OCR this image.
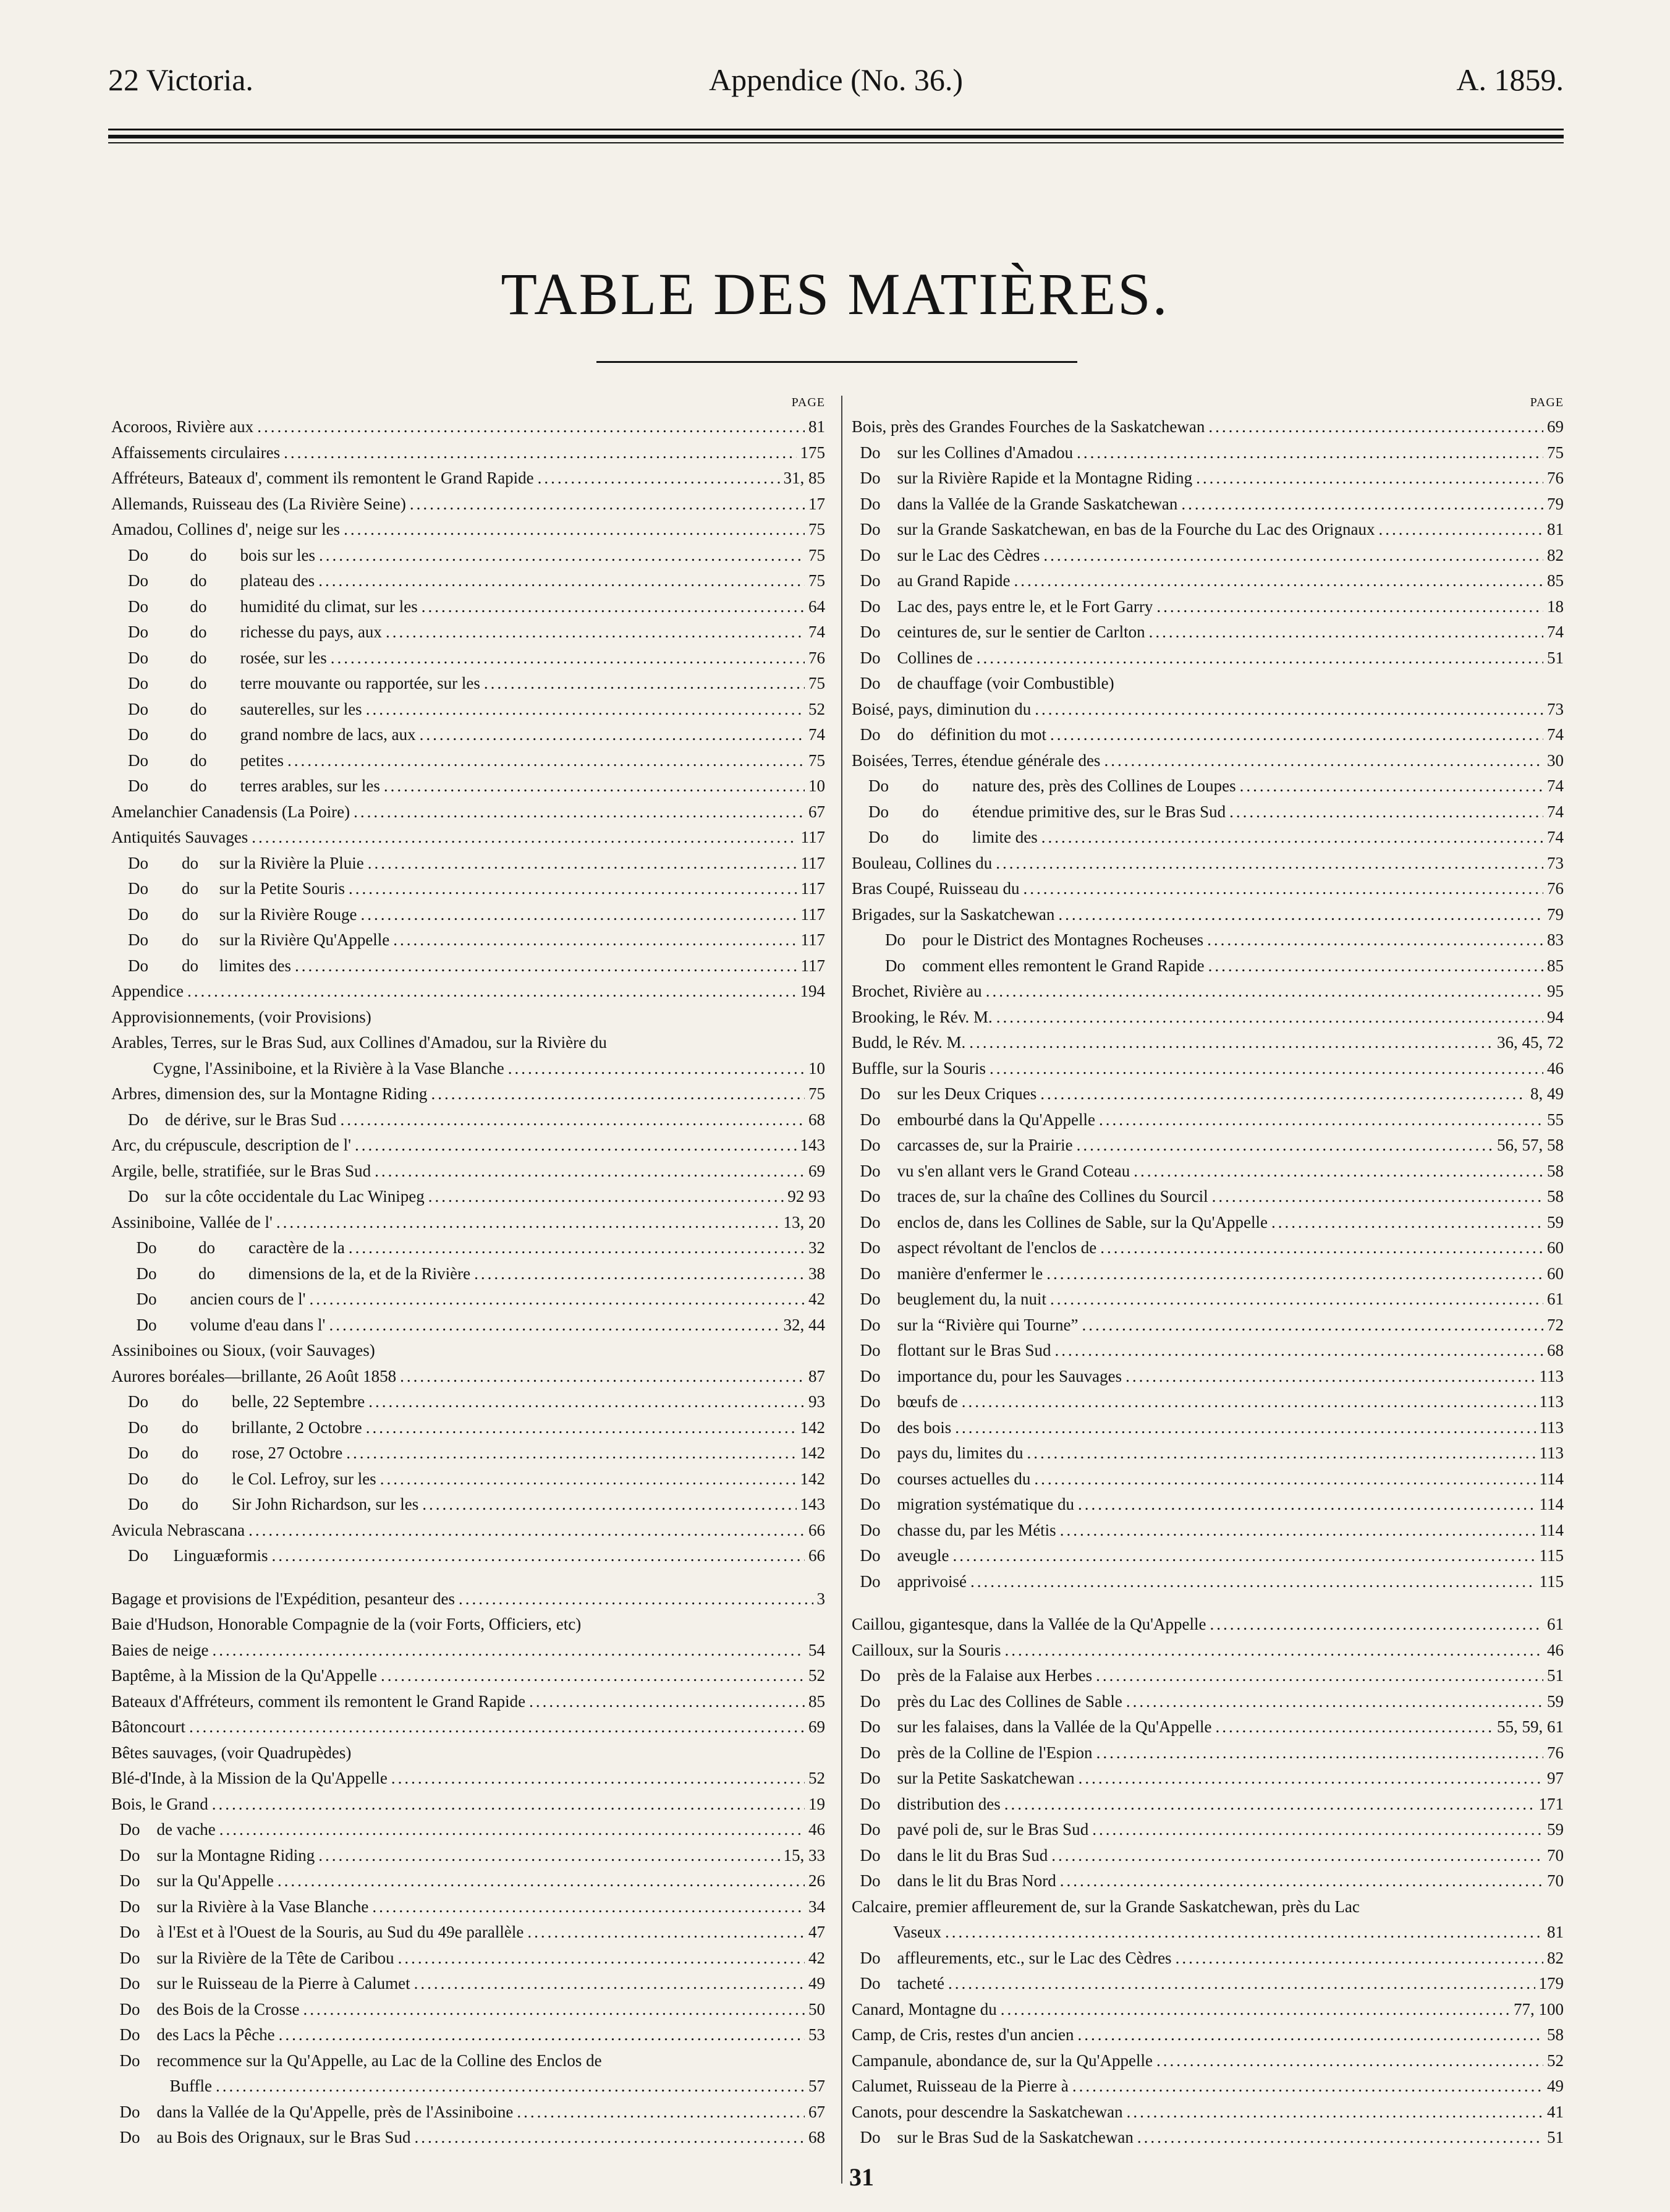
22 Victoria.	Appendice (No. 36.)	A. 1859.
TABLE DES MATIÈRES.
PAGE
Acoroos, Rivière aux .....	81
Affaissements circulaires .....	175
Affréteurs, Bateaux d', comment ils remontent le Grand Rapide .....	31, 85
Allemands, Ruisseau des (La Rivière Seine) .....	17
Amadou, Collines d', neige sur les .....	75
Do          do        bois sur les .....	75
Do          do        plateau des .....	75
Do          do        humidité du climat, sur les .....	64
Do          do        richesse du pays, aux .....	74
Do          do        rosée, sur les .....	76
Do          do        terre mouvante ou rapportée, sur les .....	75
Do          do        sauterelles, sur les .....	52
Do          do        grand nombre de lacs, aux .....	74
Do          do        petites .....	75
Do          do        terres arables, sur les .....	10
Amelanchier Canadensis (La Poire) .....	67
Antiquités Sauvages .....	117
Do        do     sur la Rivière la Pluie .....	117
Do        do     sur la Petite Souris .....	117
Do        do     sur la Rivière Rouge .....	117
Do        do     sur la Rivière Qu'Appelle .....	117
Do        do     limites des .....	117
Appendice .....	194
Approvisionnements, (voir Provisions)
Arables, Terres, sur le Bras Sud, aux Collines d'Amadou, sur la Rivière du
Cygne, l'Assiniboine, et la Rivière à la Vase Blanche .....	10
Arbres, dimension des, sur la Montagne Riding .....	75
Do    de dérive, sur le Bras Sud .....	68
Arc, du crépuscule, description de l' .....	143
Argile, belle, stratifiée, sur le Bras Sud .....	69
Do    sur la côte occidentale du Lac Winipeg .....	92 93
Assiniboine, Vallée de l' .....	13, 20
Do          do        caractère de la .....	32
Do          do        dimensions de la, et de la Rivière .....	38
Do        ancien cours de l' .....	42
Do        volume d'eau dans l' .....	32, 44
Assiniboines ou Sioux, (voir Sauvages)
Aurores boréales—brillante, 26 Août 1858 .....	87
Do        do        belle, 22 Septembre .....	93
Do        do        brillante, 2 Octobre .....	142
Do        do        rose, 27 Octobre .....	142
Do        do        le Col. Lefroy, sur les .....	142
Do        do        Sir John Richardson, sur les .....	143
Avicula Nebrascana .....	66
Do      Linguæformis .....	66
Bagage et provisions de l'Expédition, pesanteur des .....	3
Baie d'Hudson, Honorable Compagnie de la (voir Forts, Officiers, etc)
Baies de neige .....	54
Baptême, à la Mission de la Qu'Appelle .....	52
Bateaux d'Affréteurs, comment ils remontent le Grand Rapide .....	85
Bâtoncourt .....	69
Bêtes sauvages, (voir Quadrupèdes)
Blé-d'Inde, à la Mission de la Qu'Appelle .....	52
Bois, le Grand .....	19
Do    de vache .....	46
Do    sur la Montagne Riding .....	15, 33
Do    sur la Qu'Appelle .....	26
Do    sur la Rivière à la Vase Blanche .....	34
Do    à l'Est et à l'Ouest de la Souris, au Sud du 49e parallèle .....	47
Do    sur la Rivière de la Tête de Caribou .....	42
Do    sur le Ruisseau de la Pierre à Calumet .....	49
Do    des Bois de la Crosse .....	50
Do    des Lacs la Pêche .....	53
Do    recommence sur la Qu'Appelle, au Lac de la Colline des Enclos de
Buffle .....	57
Do    dans la Vallée de la Qu'Appelle, près de l'Assiniboine .....	67
Do    au Bois des Orignaux, sur le Bras Sud .....	68
PAGE
Bois, près des Grandes Fourches de la Saskatchewan .....	69
Do    sur les Collines d'Amadou .....	75
Do    sur la Rivière Rapide et la Montagne Riding .....	76
Do    dans la Vallée de la Grande Saskatchewan .....	79
Do    sur la Grande Saskatchewan, en bas de la Fourche du Lac des Orignaux .....	81
Do    sur le Lac des Cèdres .....	82
Do    au Grand Rapide .....	85
Do    Lac des, pays entre le, et le Fort Garry .....	18
Do    ceintures de, sur le sentier de Carlton .....	74
Do    Collines de .....	51
Do    de chauffage (voir Combustible)
Boisé, pays, diminution du .....	73
Do    do    définition du mot .....	74
Boisées, Terres, étendue générale des .....	30
Do        do        nature des, près des Collines de Loupes .....	74
Do        do        étendue primitive des, sur le Bras Sud .....	74
Do        do        limite des .....	74
Bouleau, Collines du .....	73
Bras Coupé, Ruisseau du .....	76
Brigades, sur la Saskatchewan .....	79
Do    pour le District des Montagnes Rocheuses .....	83
Do    comment elles remontent le Grand Rapide .....	85
Brochet, Rivière au .....	95
Brooking, le Rév. M. .....	94
Budd, le Rév. M. .....	36, 45, 72
Buffle, sur la Souris .....	46
Do    sur les Deux Criques .....	8, 49
Do    embourbé dans la Qu'Appelle .....	55
Do    carcasses de, sur la Prairie .....	56, 57, 58
Do    vu s'en allant vers le Grand Coteau .....	58
Do    traces de, sur la chaîne des Collines du Sourcil .....	58
Do    enclos de, dans les Collines de Sable, sur la Qu'Appelle .....	59
Do    aspect révoltant de l'enclos de .....	60
Do    manière d'enfermer le .....	60
Do    beuglement du, la nuit .....	61
Do    sur la “Rivière qui Tourne” .....	72
Do    flottant sur le Bras Sud .....	68
Do    importance du, pour les Sauvages .....	113
Do    bœufs de .....	113
Do    des bois .....	113
Do    pays du, limites du .....	113
Do    courses actuelles du .....	114
Do    migration systématique du .....	114
Do    chasse du, par les Métis .....	114
Do    aveugle .....	115
Do    apprivoisé .....	115
Caillou, gigantesque, dans la Vallée de la Qu'Appelle .....	61
Cailloux, sur la Souris .....	46
Do    près de la Falaise aux Herbes .....	51
Do    près du Lac des Collines de Sable .....	59
Do    sur les falaises, dans la Vallée de la Qu'Appelle .....	55, 59, 61
Do    près de la Colline de l'Espion .....	76
Do    sur la Petite Saskatchewan .....	97
Do    distribution des .....	171
Do    pavé poli de, sur le Bras Sud .....	59
Do    dans le lit du Bras Sud .....	70
Do    dans le lit du Bras Nord .....	70
Calcaire, premier affleurement de, sur la Grande Saskatchewan, près du Lac
Vaseux .....	81
Do    affleurements, etc., sur le Lac des Cèdres .....	82
Do    tacheté .....	179
Canard, Montagne du .....	77, 100
Camp, de Cris, restes d'un ancien .....	58
Campanule, abondance de, sur la Qu'Appelle .....	52
Calumet, Ruisseau de la Pierre à .....	49
Canots, pour descendre la Saskatchewan .....	41
Do    sur le Bras Sud de la Saskatchewan .....	51
31
